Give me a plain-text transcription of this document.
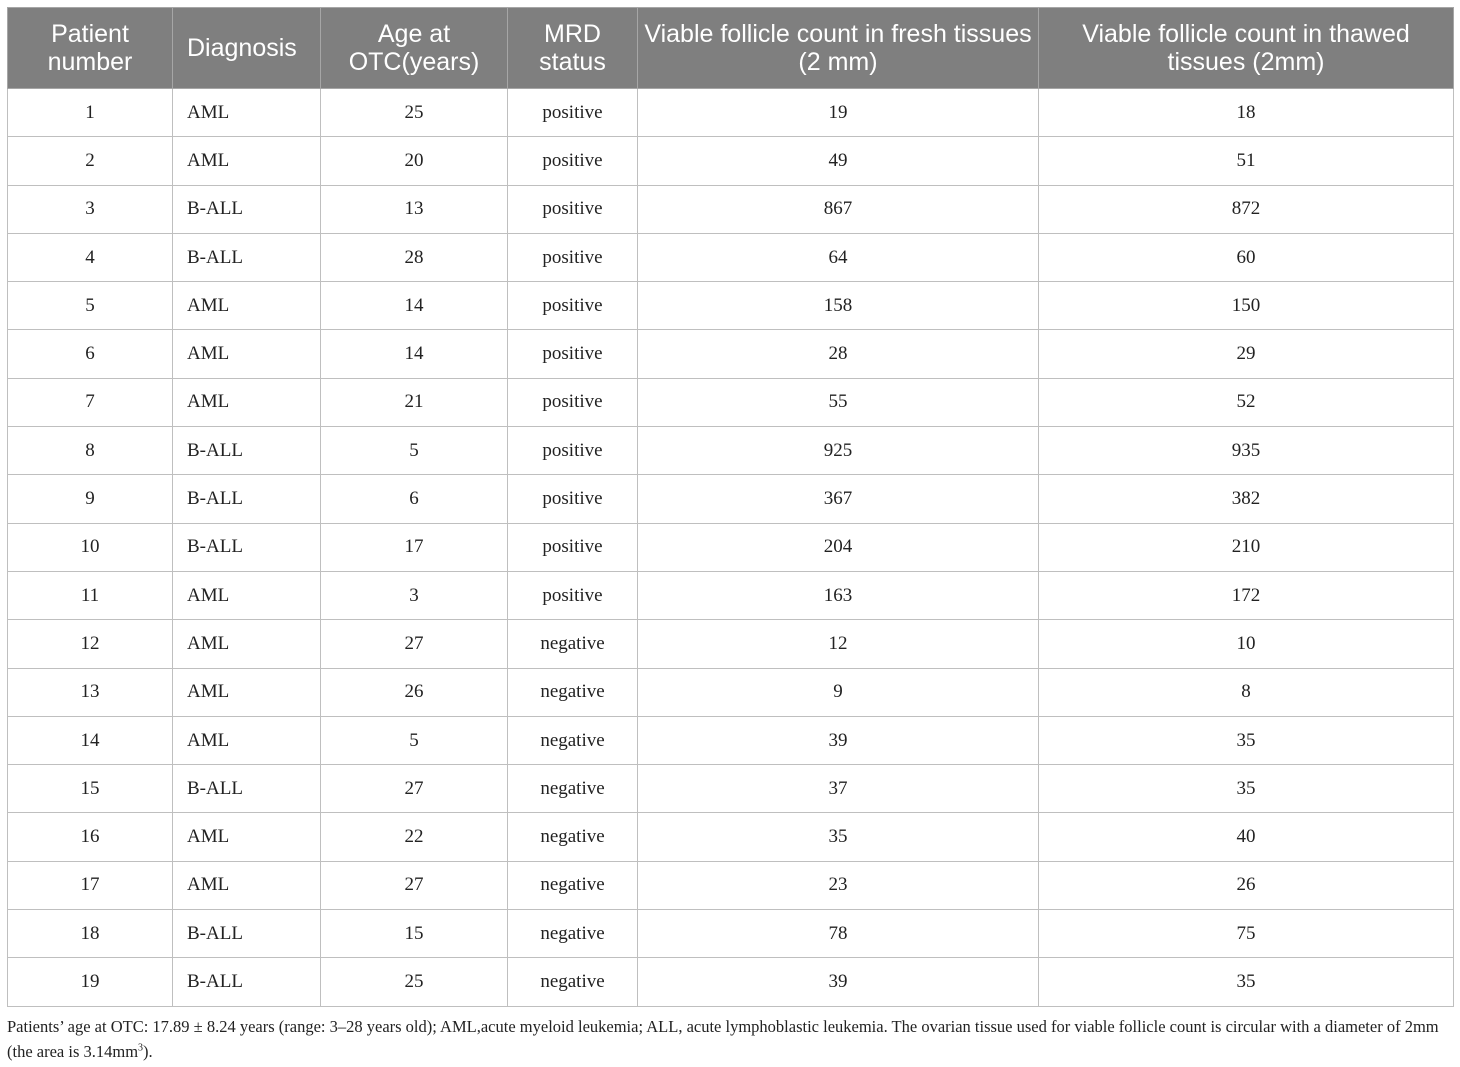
Patient number	Diagnosis	Age at OTC(years)	MRD status	Viable follicle count in fresh tissues (2 mm)	Viable follicle count in thawed tissues (2mm)
1	AML	25	positive	19	18
2	AML	20	positive	49	51
3	B-ALL	13	positive	867	872
4	B-ALL	28	positive	64	60
5	AML	14	positive	158	150
6	AML	14	positive	28	29
7	AML	21	positive	55	52
8	B-ALL	5	positive	925	935
9	B-ALL	6	positive	367	382
10	B-ALL	17	positive	204	210
11	AML	3	positive	163	172
12	AML	27	negative	12	10
13	AML	26	negative	9	8
14	AML	5	negative	39	35
15	B-ALL	27	negative	37	35
16	AML	22	negative	35	40
17	AML	27	negative	23	26
18	B-ALL	15	negative	78	75
19	B-ALL	25	negative	39	35
Patients’ age at OTC: 17.89 ± 8.24 years (range: 3–28 years old); AML,acute myeloid leukemia; ALL, acute lymphoblastic leukemia. The ovarian tissue used for viable follicle count is circular with a diameter of 2mm (the area is $3.14mm^3$).
